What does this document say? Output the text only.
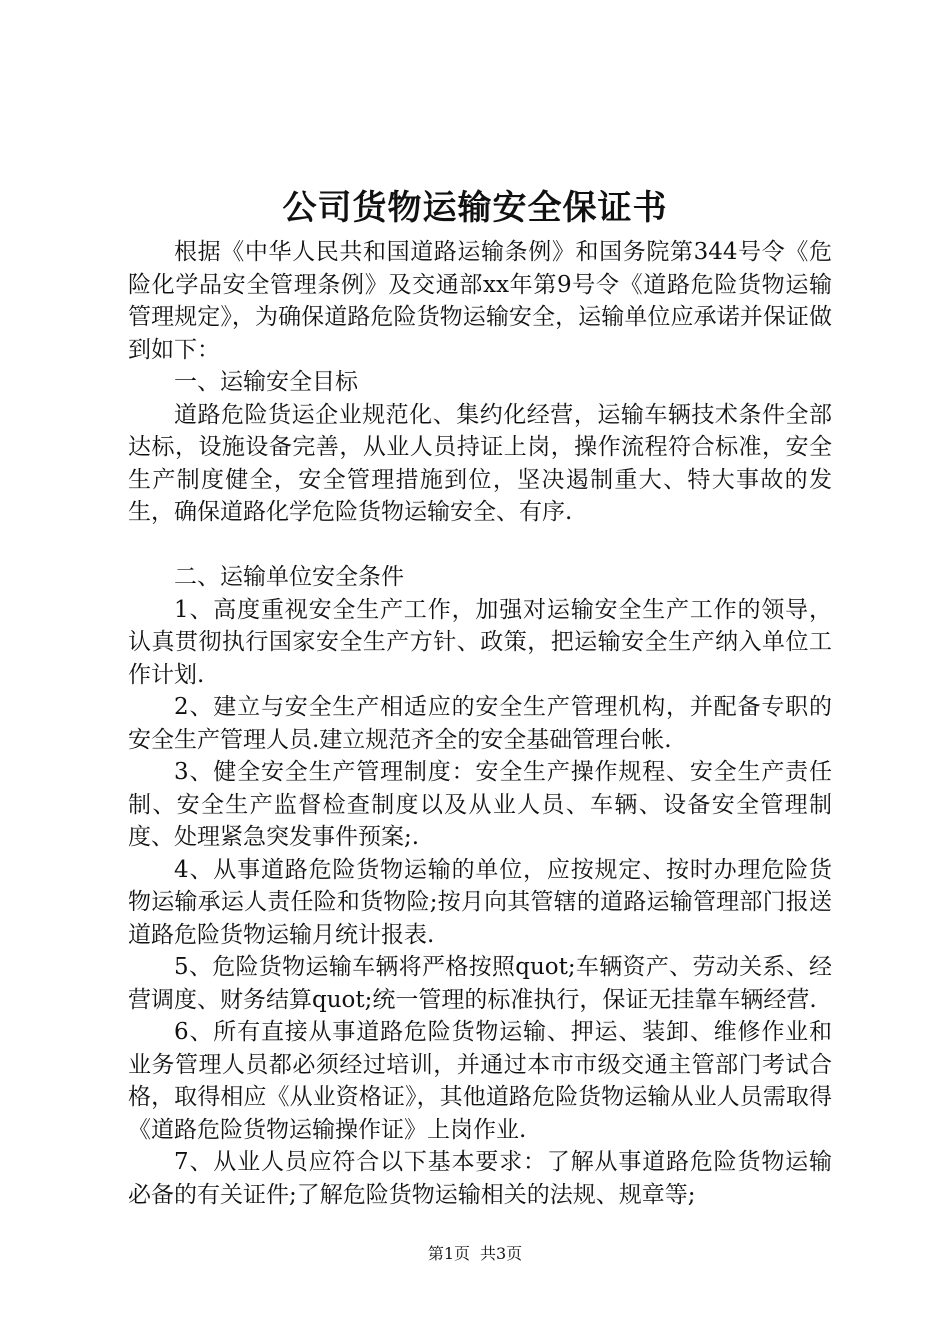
公司货物运输安全保证书

根据《中华人民共和国道路运输条例》和国务院第344号令《危险化学品安全管理条例》及交通部xx年第9号令《道路危险货物运输管理规定》，为确保道路危险货物运输安全，运输单位应承诺并保证做到如下：

一、运输安全目标

道路危险货运企业规范化、集约化经营，运输车辆技术条件全部达标，设施设备完善，从业人员持证上岗，操作流程符合标准，安全生产制度健全，安全管理措施到位，坚决遏制重大、特大事故的发生，确保道路化学危险货物运输安全、有序.

二、运输单位安全条件

1、高度重视安全生产工作，加强对运输安全生产工作的领导，认真贯彻执行国家安全生产方针、政策，把运输安全生产纳入单位工作计划.

2、建立与安全生产相适应的安全生产管理机构，并配备专职的安全生产管理人员.建立规范齐全的安全基础管理台帐.

3、健全安全生产管理制度：安全生产操作规程、安全生产责任制、安全生产监督检查制度以及从业人员、车辆、设备安全管理制度、处理紧急突发事件预案;.

4、从事道路危险货物运输的单位，应按规定、按时办理危险货物运输承运人责任险和货物险;按月向其管辖的道路运输管理部门报送道路危险货物运输月统计报表.

5、危险货物运输车辆将严格按照quot;车辆资产、劳动关系、经营调度、财务结算quot;统一管理的标准执行，保证无挂靠车辆经营.

6、所有直接从事道路危险货物运输、押运、装卸、维修作业和业务管理人员都必须经过培训，并通过本市市级交通主管部门考试合格，取得相应《从业资格证》，其他道路危险货物运输从业人员需取得《道路危险货物运输操作证》上岗作业.

7、从业人员应符合以下基本要求：了解从事道路危险货物运输必备的有关证件;了解危险货物运输相关的法规、规章等;

第1页 共3页
